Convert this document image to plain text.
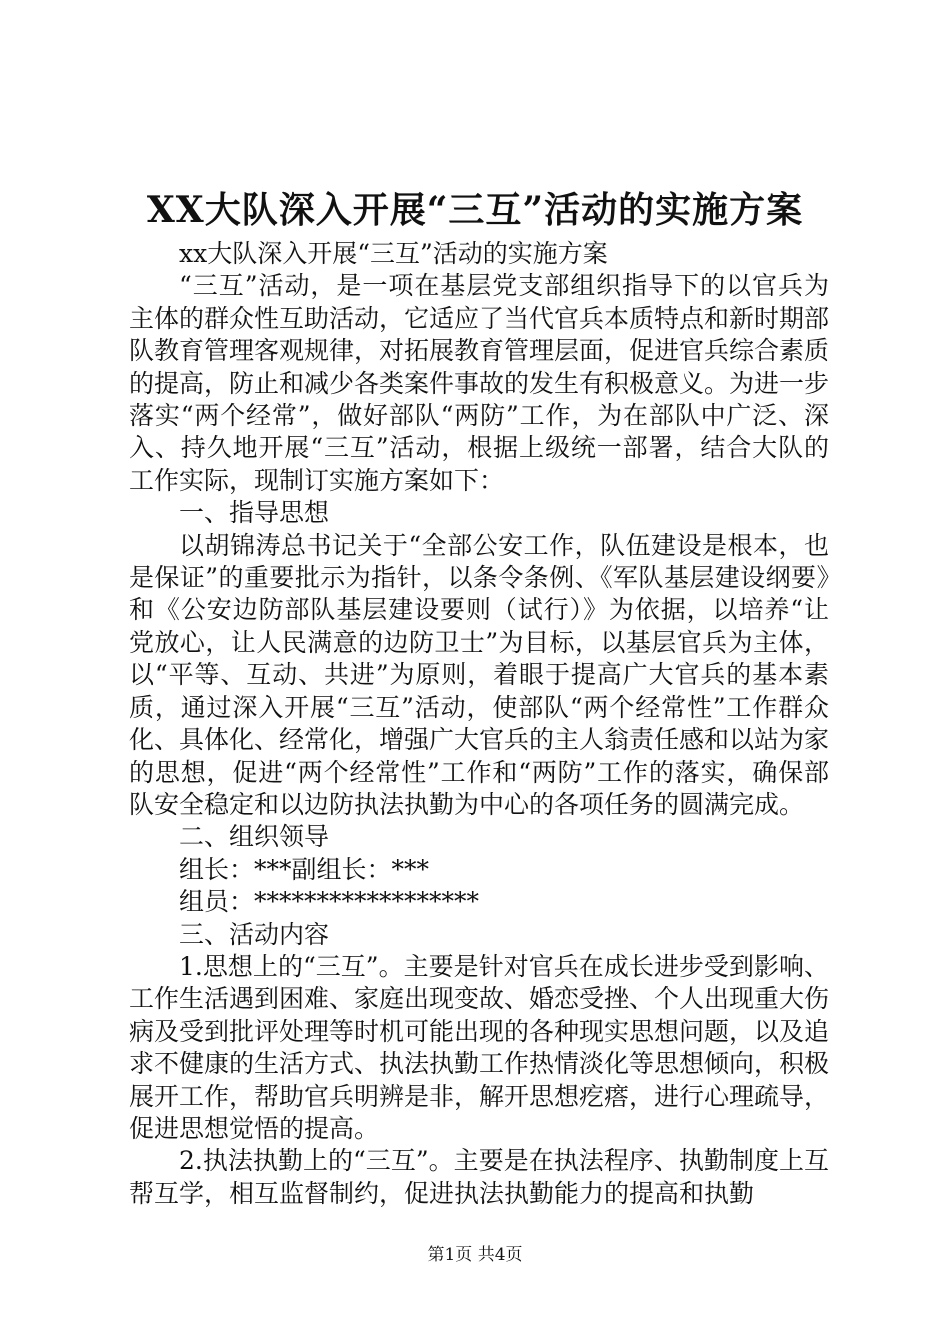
XX大队深入开展“三互”活动的实施方案

xx大队深入开展“三互”活动的实施方案

“三互”活动，是一项在基层党支部组织指导下的以官兵为主体的群众性互助活动，它适应了当代官兵本质特点和新时期部队教育管理客观规律，对拓展教育管理层面，促进官兵综合素质的提高，防止和减少各类案件事故的发生有积极意义。为进一步落实“两个经常”，做好部队“两防”工作，为在部队中广泛、深入、持久地开展“三互”活动，根据上级统一部署，结合大队的工作实际，现制订实施方案如下：

一、指导思想

以胡锦涛总书记关于“全部公安工作，队伍建设是根本，也是保证”的重要批示为指针，以条令条例、《军队基层建设纲要》和《公安边防部队基层建设要则（试行）》为依据，以培养“让党放心，让人民满意的边防卫士”为目标，以基层官兵为主体，以“平等、互动、共进”为原则，着眼于提高广大官兵的基本素质，通过深入开展“三互”活动，使部队“两个经常性”工作群众化、具体化、经常化，增强广大官兵的主人翁责任感和以站为家的思想，促进“两个经常性”工作和“两防”工作的落实，确保部队安全稳定和以边防执法执勤为中心的各项任务的圆满完成。

二、组织领导

组长：***副组长：***

组员：******************

三、活动内容

1.思想上的“三互”。主要是针对官兵在成长进步受到影响、工作生活遇到困难、家庭出现变故、婚恋受挫、个人出现重大伤病及受到批评处理等时机可能出现的各种现实思想问题，以及追求不健康的生活方式、执法执勤工作热情淡化等思想倾向，积极展开工作，帮助官兵明辨是非，解开思想疙瘩，进行心理疏导，促进思想觉悟的提高。

2.执法执勤上的“三互”。主要是在执法程序、执勤制度上互帮互学，相互监督制约，促进执法执勤能力的提高和执勤

第1页 共4页
